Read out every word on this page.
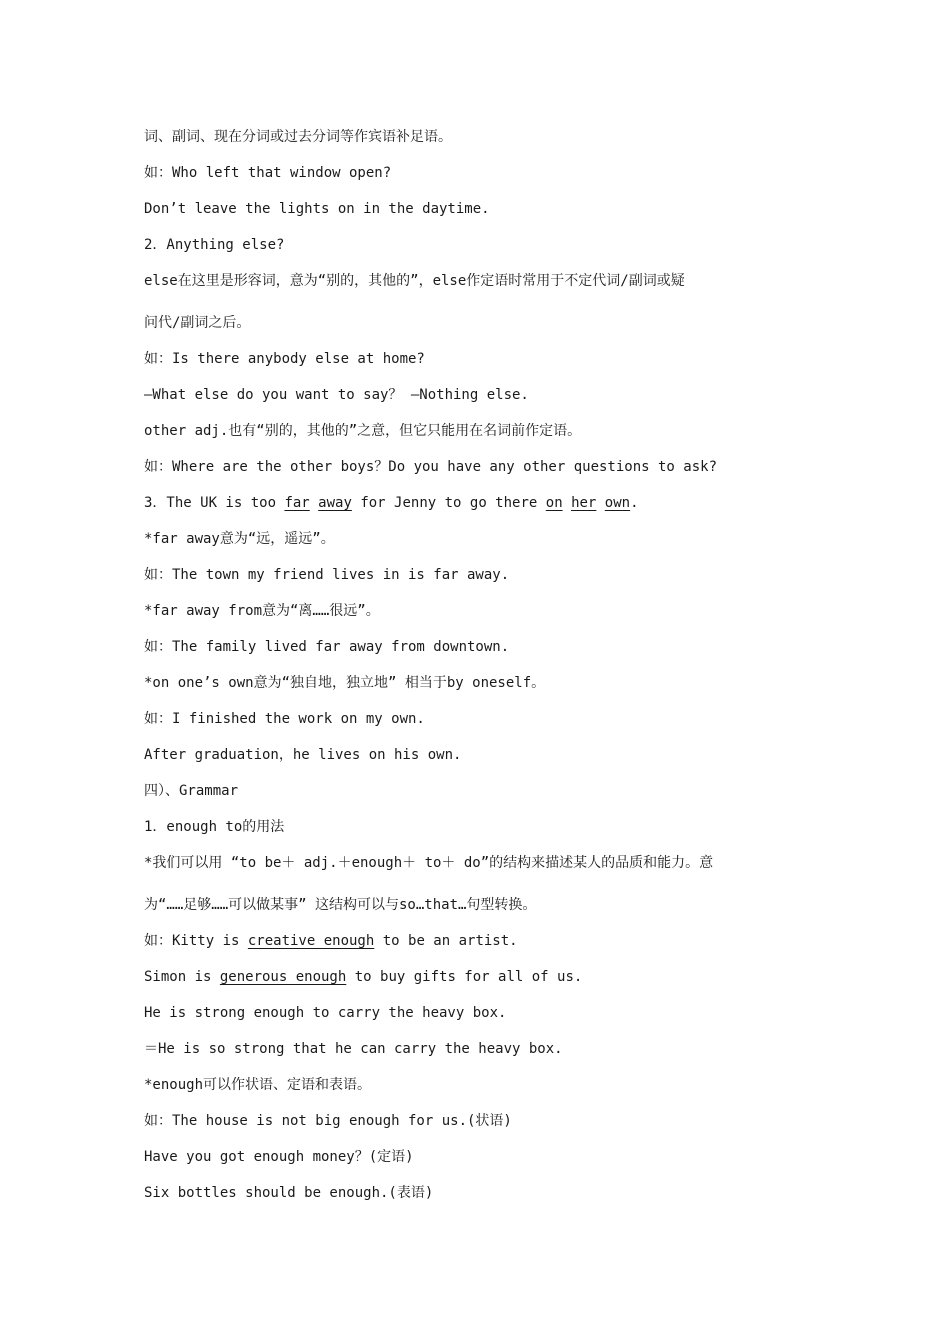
词、副词、现在分词或过去分词等作宾语补足语。
如：Who left that window open?
Don’t leave the lights on in the daytime.
2．Anything else?
else在这里是形容词，意为“别的，其他的”，else作定语时常用于不定代词/副词或疑
问代/副词之后。
如：Is there anybody else at home?
—What else do you want to say？ —Nothing else.
other adj.也有“别的，其他的”之意，但它只能用在名词前作定语。
如：Where are the other boys？Do you have any other questions to ask?
3．The UK is too far away for Jenny to go there on her own.
*far away意为“远，遥远”。
如：The town my friend lives in is far away.
*far away from意为“离……很远”。
如：The family lived far away from downtown.
*on one’s own意为“独自地，独立地” 相当于by oneself。
如：I finished the work on my own.
After graduation，he lives on his own.
四）、Grammar
1．enough to的用法
*我们可以用 “to be＋ adj.＋enough＋ to＋ do”的结构来描述某人的品质和能力。意
为“……足够……可以做某事” 这结构可以与so…that…句型转换。
如：Kitty is creative enough to be an artist.
Simon is generous enough to buy gifts for all of us.
He is strong enough to carry the heavy box.
＝He is so strong that he can carry the heavy box.
*enough可以作状语、定语和表语。
如：The house is not big enough for us.(状语)
Have you got enough money？(定语)
Six bottles should be enough.(表语)
